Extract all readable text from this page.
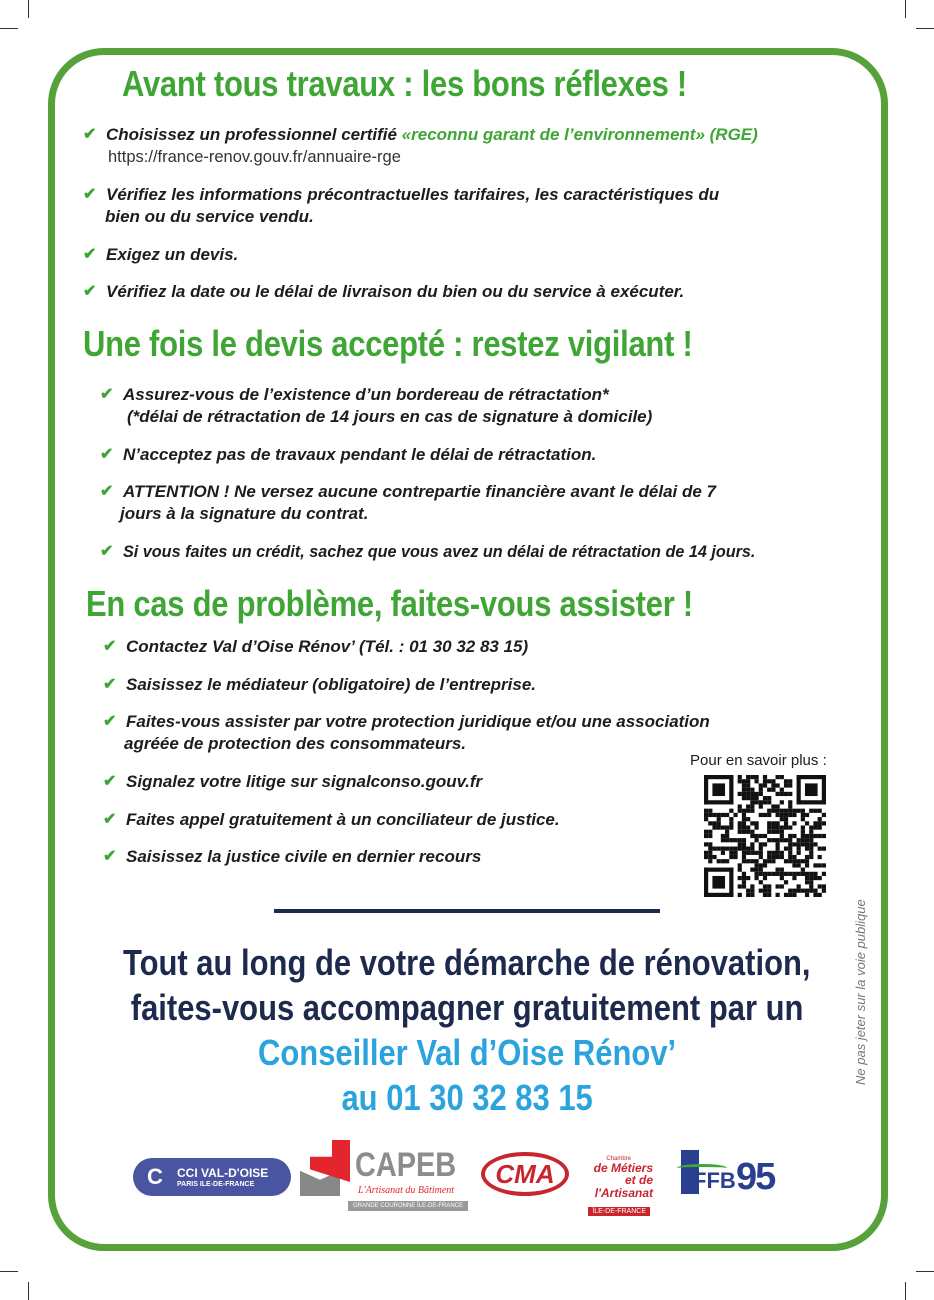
Avant tous travaux : les bons réflexes !
✔ Choisissez un professionnel certifié «reconnu garant de l’environnement» (RGE)
https://france-renov.gouv.fr/annuaire-rge
✔ Vérifiez les informations précontractuelles tarifaires, les caractéristiques du
bien ou du service vendu.
✔ Exigez un devis.
✔ Vérifiez la date ou le délai de livraison du bien ou du service à exécuter.
Une fois le devis accepté : restez vigilant !
✔ Assurez-vous de l’existence d’un bordereau de rétractation*
(*délai de rétractation de 14 jours en cas de signature à domicile)
✔ N’acceptez pas de travaux pendant le délai de rétractation.
✔ ATTENTION ! Ne versez aucune contrepartie financière avant le délai de 7
jours à la signature du contrat.
✔ Si vous faites un crédit, sachez que vous avez un délai de rétractation de 14 jours.
En cas de problème, faites-vous assister !
✔ Contactez Val d’Oise Rénov’ (Tél. : 01 30 32 83 15)
✔ Saisissez le médiateur (obligatoire) de l’entreprise.
✔ Faites-vous assister par votre protection juridique et/ou une association
agréée de protection des consommateurs.
✔ Signalez votre litige sur signalconso.gouv.fr
✔ Faites appel gratuitement à un conciliateur de justice.
✔ Saisissez la justice civile en dernier recours
Pour en savoir plus :
Tout au long de votre démarche de rénovation,
faites-vous accompagner gratuitement par un
Conseiller Val d’Oise Rénov’
au 01 30 32 83 15
Ne pas jeter sur la voie publique
C CCI VAL-D'OISE
PARIS ILE-DE-FRANCE
CAPEB
L'Artisanat du Bâtiment
GRANDE COURONNE ÎLE-DE-FRANCE
CMA	Chambre
de Métiers
et de l'Artisanat
ÎLE-DE-FRANCE
FFB 95
